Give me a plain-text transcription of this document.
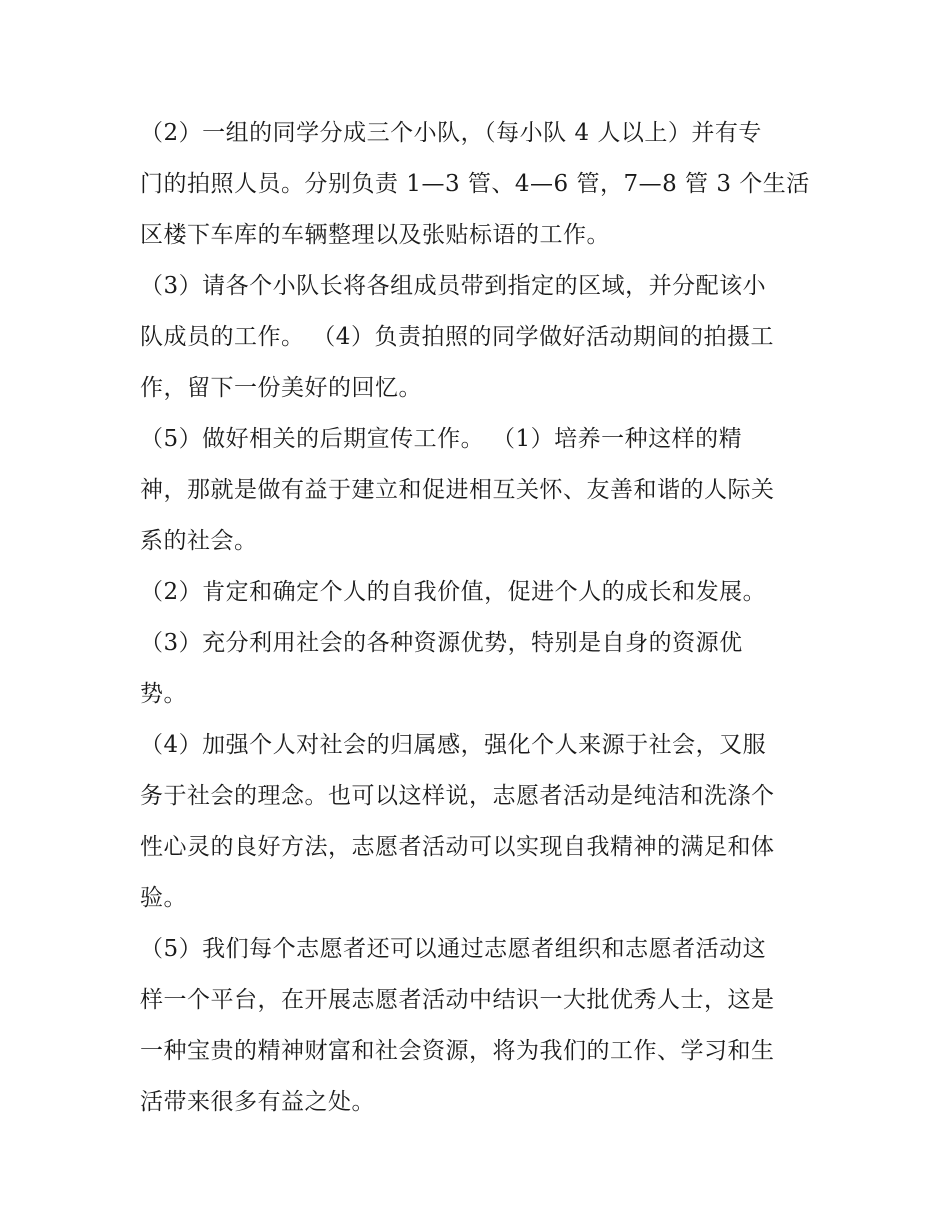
（2）一组的同学分成三个小队，（每小队 4 人以上）并有专
门的拍照人员。分别负责 1—3 管、4—6 管，7—8 管 3 个生活
区楼下车库的车辆整理以及张贴标语的工作。
（3）请各个小队长将各组成员带到指定的区域，并分配该小
队成员的工作。 （4）负责拍照的同学做好活动期间的拍摄工
作，留下一份美好的回忆。
（5）做好相关的后期宣传工作。 （1）培养一种这样的精
神，那就是做有益于建立和促进相互关怀、友善和谐的人际关
系的社会。
（2）肯定和确定个人的自我价值，促进个人的成长和发展。
（3）充分利用社会的各种资源优势，特别是自身的资源优
势。
（4）加强个人对社会的归属感，强化个人来源于社会，又服
务于社会的理念。也可以这样说，志愿者活动是纯洁和洗涤个
性心灵的良好方法，志愿者活动可以实现自我精神的满足和体
验。
（5）我们每个志愿者还可以通过志愿者组织和志愿者活动这
样一个平台，在开展志愿者活动中结识一大批优秀人士，这是
一种宝贵的精神财富和社会资源，将为我们的工作、学习和生
活带来很多有益之处。
